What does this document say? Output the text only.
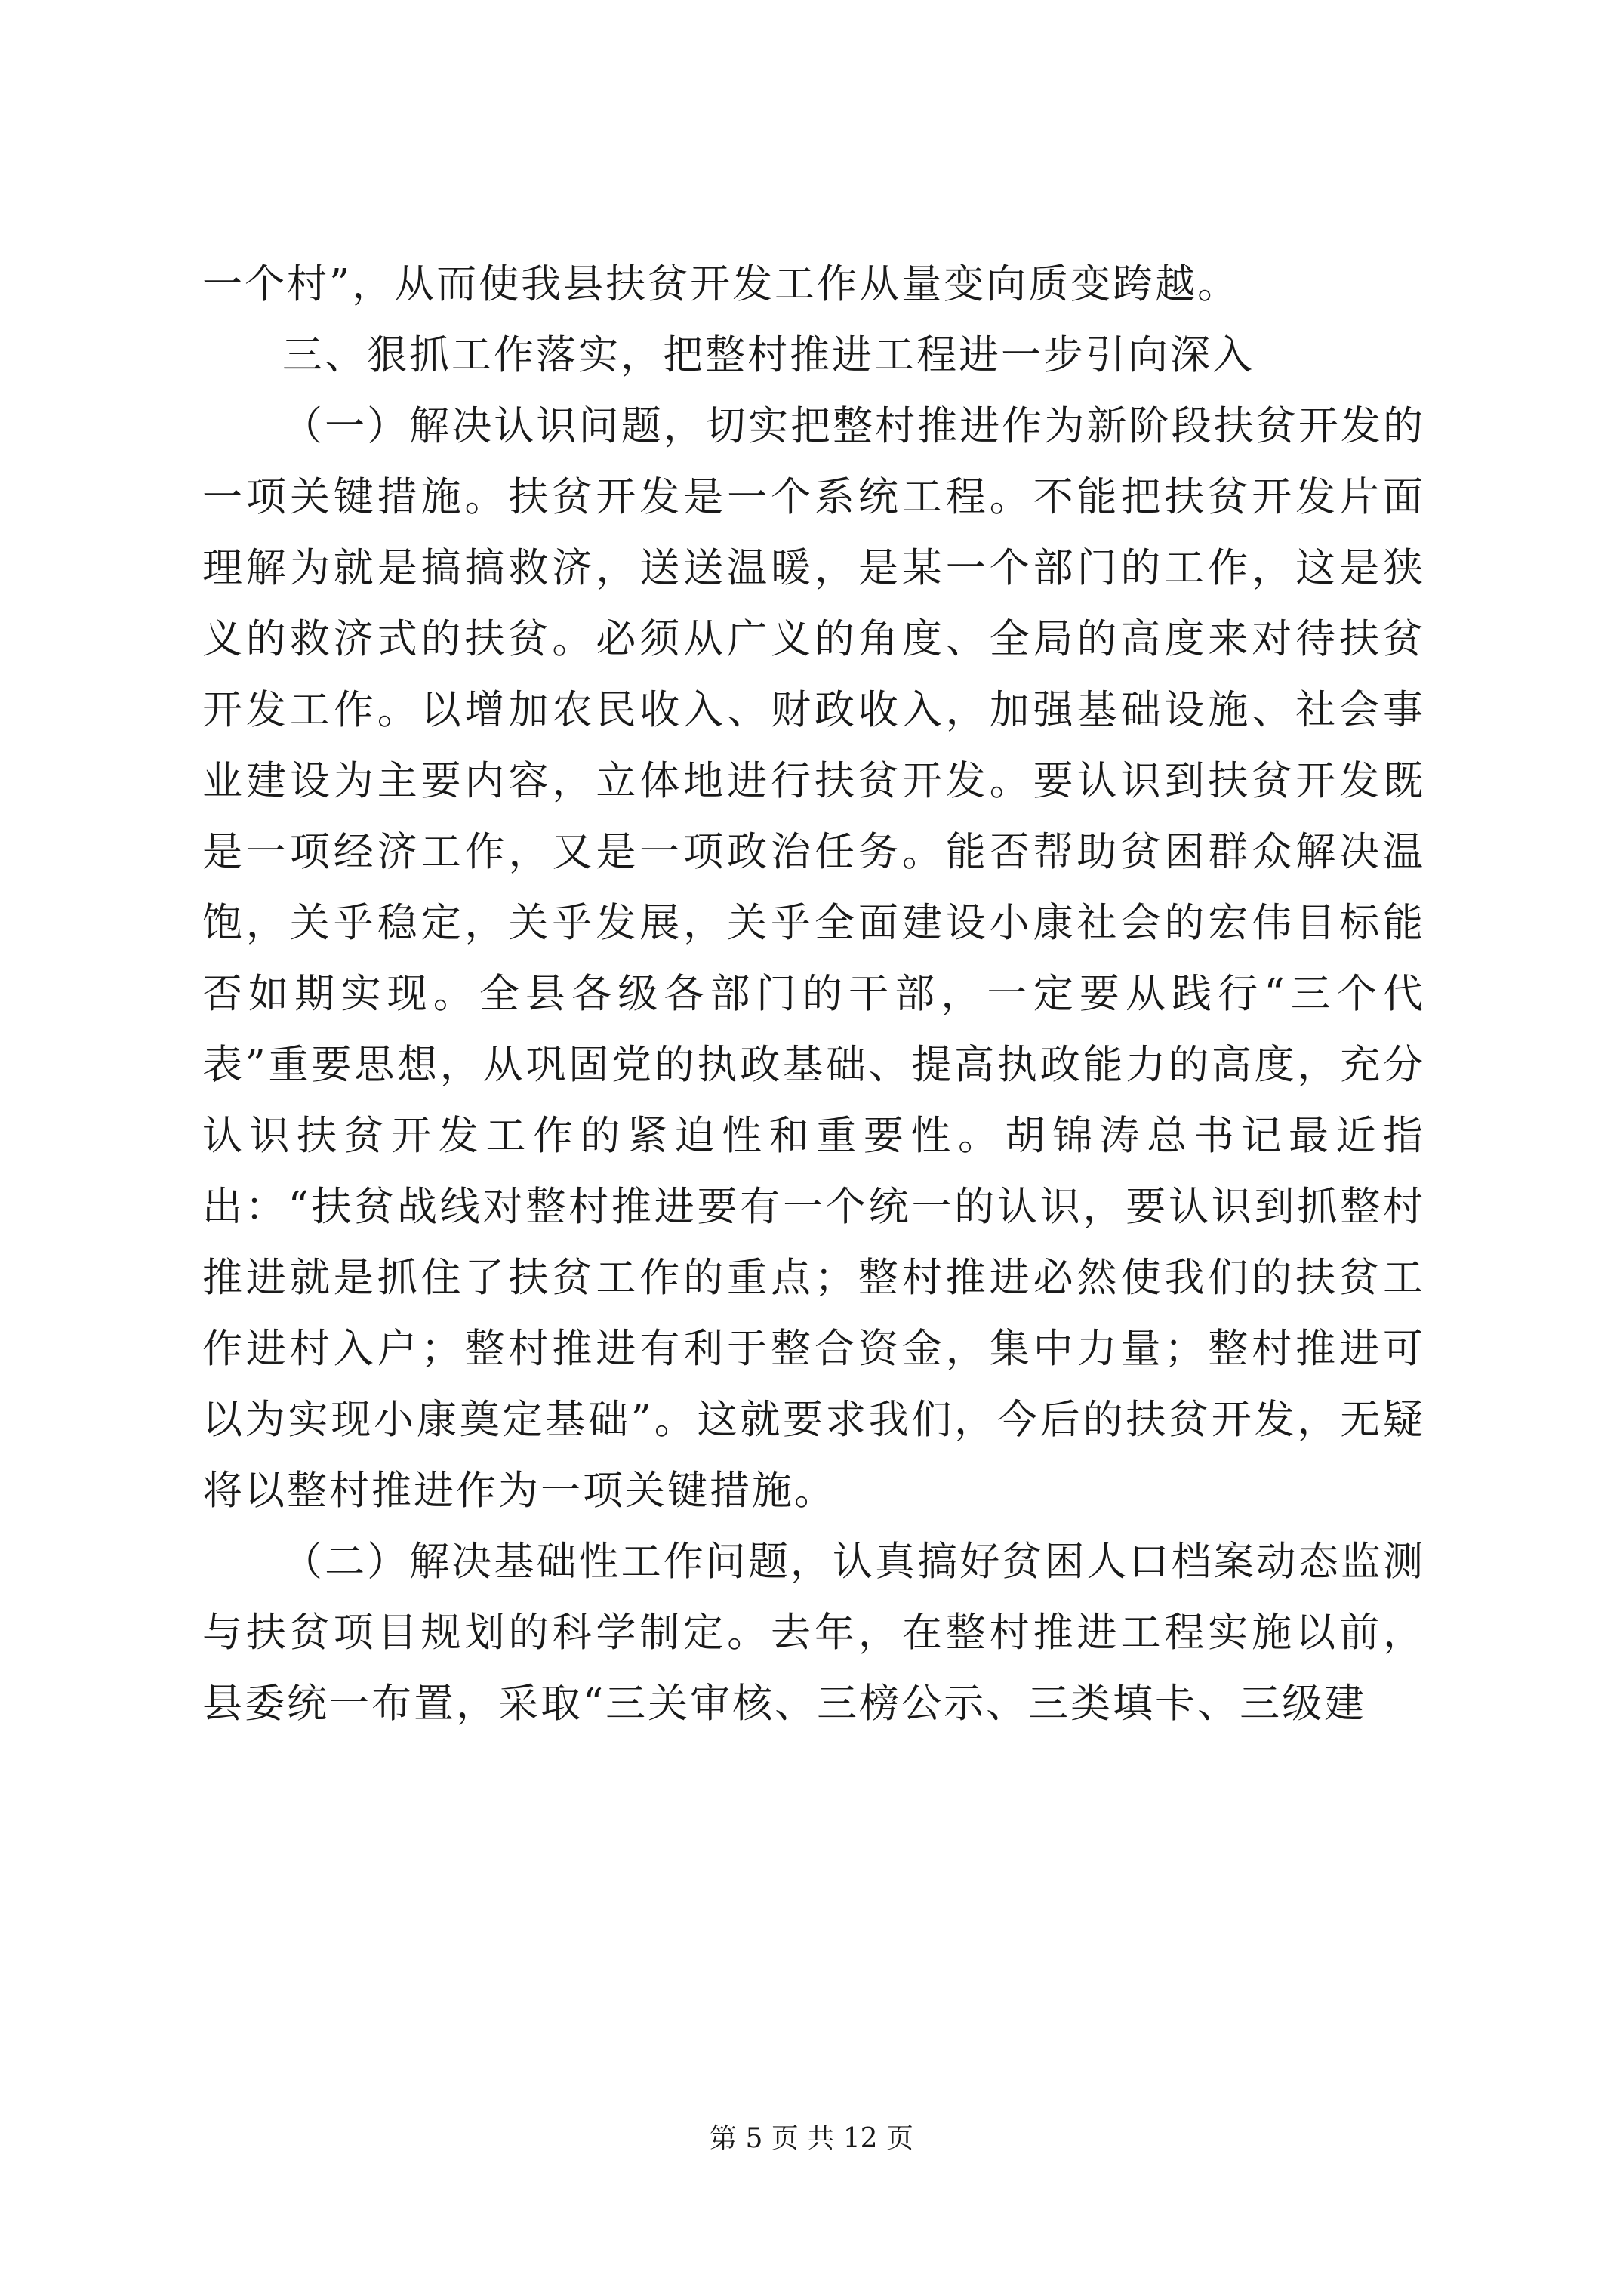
一个村”，从而使我县扶贫开发工作从量变向质变跨越。

三、狠抓工作落实，把整村推进工程进一步引向深入

（一）解决认识问题，切实把整村推进作为新阶段扶贫开发的一项关键措施。扶贫开发是一个系统工程。不能把扶贫开发片面理解为就是搞搞救济，送送温暖，是某一个部门的工作，这是狭义的救济式的扶贫。必须从广义的角度、全局的高度来对待扶贫开发工作。以增加农民收入、财政收入，加强基础设施、社会事业建设为主要内容，立体地进行扶贫开发。要认识到扶贫开发既是一项经济工作，又是一项政治任务。能否帮助贫困群众解决温饱，关乎稳定，关乎发展，关乎全面建设小康社会的宏伟目标能否如期实现。全县各级各部门的干部，一定要从践行“三个代表”重要思想，从巩固党的执政基础、提高执政能力的高度，充分认识扶贫开发工作的紧迫性和重要性。胡锦涛总书记最近指出：“扶贫战线对整村推进要有一个统一的认识，要认识到抓整村推进就是抓住了扶贫工作的重点；整村推进必然使我们的扶贫工作进村入户；整村推进有利于整合资金，集中力量；整村推进可以为实现小康奠定基础”。这就要求我们，今后的扶贫开发，无疑将以整村推进作为一项关键措施。

（二）解决基础性工作问题，认真搞好贫困人口档案动态监测与扶贫项目规划的科学制定。去年，在整村推进工程实施以前，县委统一布置，采取“三关审核、三榜公示、三类填卡、三级建

第 5 页 共 12 页
